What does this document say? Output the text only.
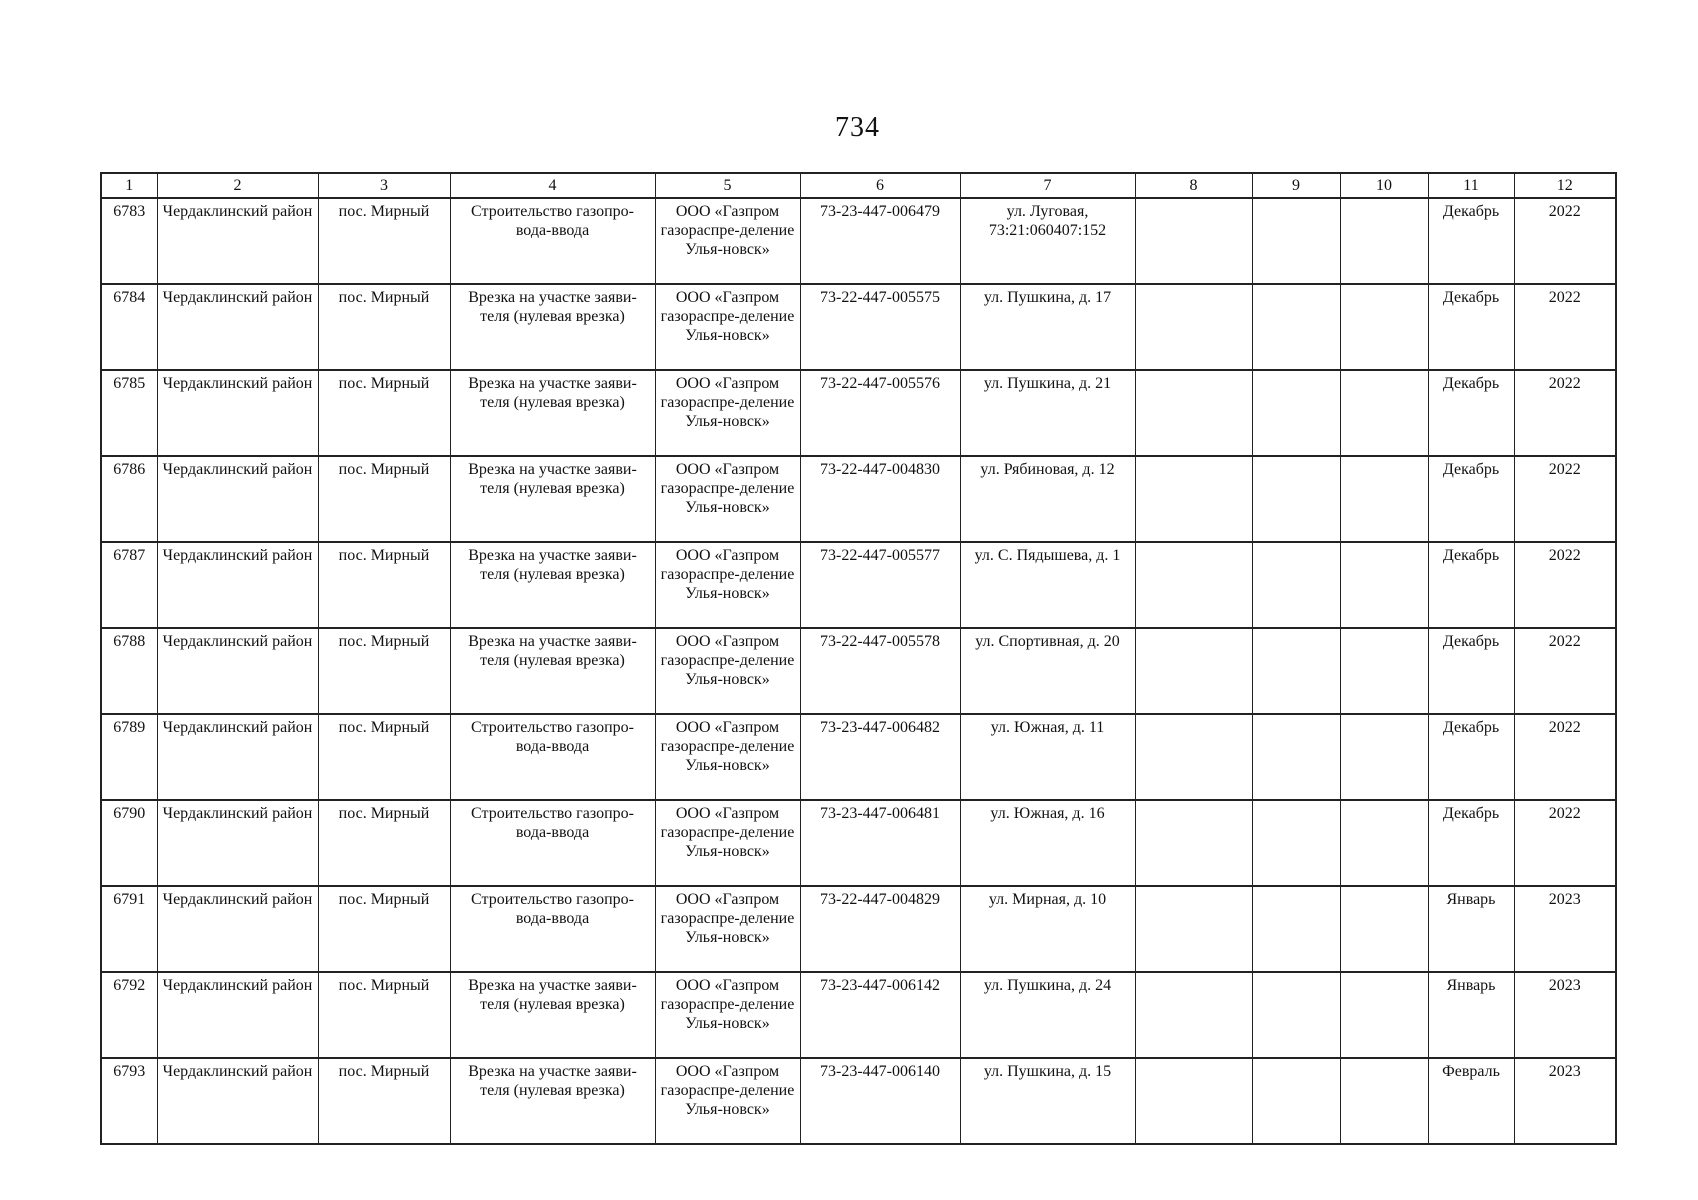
734
1	2	3	4	5	6	7	8	9	10	11	12
6783	Чердаклинский район	пос. Мирный	Строительство газопро-вода-ввода	ООО «Газпром газораспре-деление Улья-новск»	73-23-447-006479	ул. Луговая, 73:21:060407:152				Декабрь	2022
6784	Чердаклинский район	пос. Мирный	Врезка на участке заяви-теля (нулевая врезка)	ООО «Газпром газораспре-деление Улья-новск»	73-22-447-005575	ул. Пушкина, д. 17				Декабрь	2022
6785	Чердаклинский район	пос. Мирный	Врезка на участке заяви-теля (нулевая врезка)	ООО «Газпром газораспре-деление Улья-новск»	73-22-447-005576	ул. Пушкина, д. 21				Декабрь	2022
6786	Чердаклинский район	пос. Мирный	Врезка на участке заяви-теля (нулевая врезка)	ООО «Газпром газораспре-деление Улья-новск»	73-22-447-004830	ул. Рябиновая, д. 12				Декабрь	2022
6787	Чердаклинский район	пос. Мирный	Врезка на участке заяви-теля (нулевая врезка)	ООО «Газпром газораспре-деление Улья-новск»	73-22-447-005577	ул. С. Пядышева, д. 1				Декабрь	2022
6788	Чердаклинский район	пос. Мирный	Врезка на участке заяви-теля (нулевая врезка)	ООО «Газпром газораспре-деление Улья-новск»	73-22-447-005578	ул. Спортивная, д. 20				Декабрь	2022
6789	Чердаклинский район	пос. Мирный	Строительство газопро-вода-ввода	ООО «Газпром газораспре-деление Улья-новск»	73-23-447-006482	ул. Южная, д. 11				Декабрь	2022
6790	Чердаклинский район	пос. Мирный	Строительство газопро-вода-ввода	ООО «Газпром газораспре-деление Улья-новск»	73-23-447-006481	ул. Южная, д. 16				Декабрь	2022
6791	Чердаклинский район	пос. Мирный	Строительство газопро-вода-ввода	ООО «Газпром газораспре-деление Улья-новск»	73-22-447-004829	ул. Мирная, д. 10				Январь	2023
6792	Чердаклинский район	пос. Мирный	Врезка на участке заяви-теля (нулевая врезка)	ООО «Газпром газораспре-деление Улья-новск»	73-23-447-006142	ул. Пушкина, д. 24				Январь	2023
6793	Чердаклинский район	пос. Мирный	Врезка на участке заяви-теля (нулевая врезка)	ООО «Газпром газораспре-деление Улья-новск»	73-23-447-006140	ул. Пушкина, д. 15				Февраль	2023
